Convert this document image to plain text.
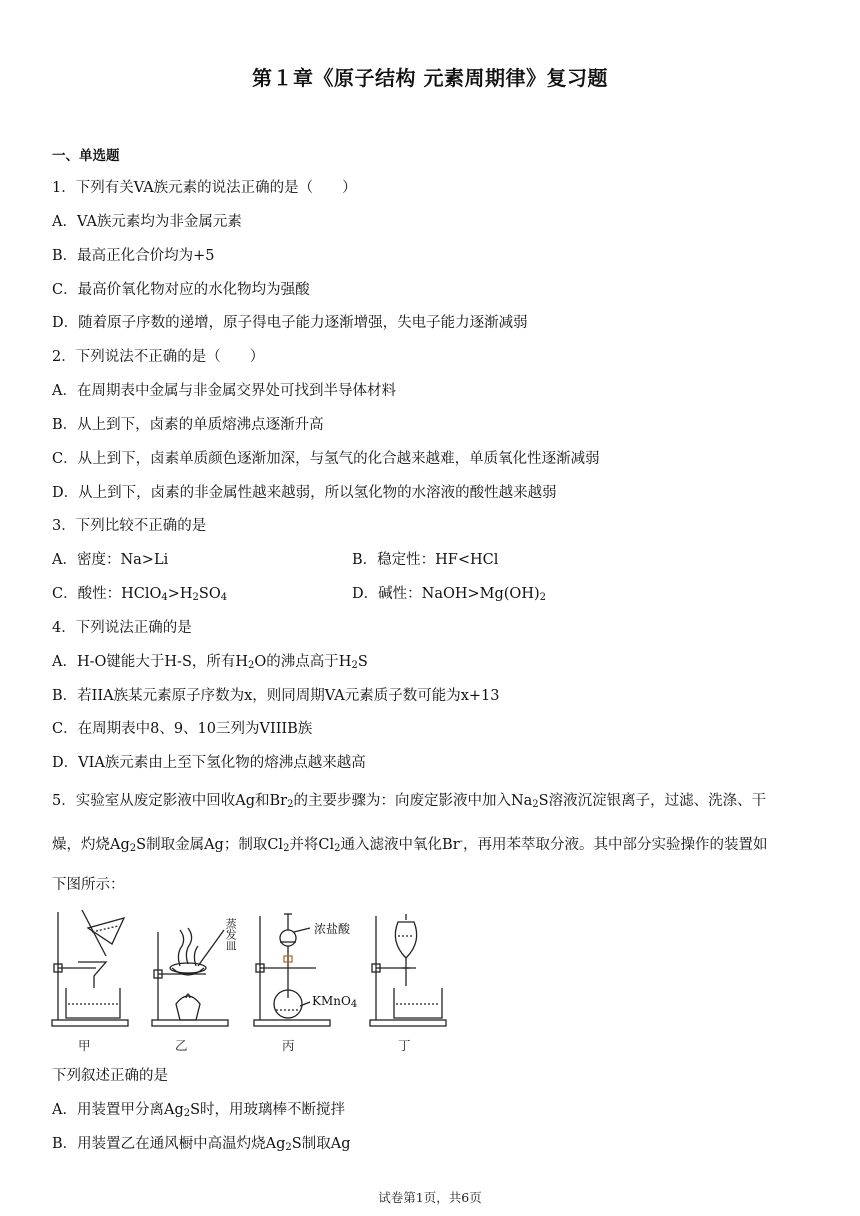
第１章《原子结构 元素周期律》复习题
一、单选题
1．下列有关VA族元素的说法正确的是（　　）
A．VA族元素均为非金属元素
B．最高正化合价均为+5
C．最高价氧化物对应的水化物均为强酸
D．随着原子序数的递增，原子得电子能力逐渐增强，失电子能力逐渐减弱
2．下列说法不正确的是（　　）
A．在周期表中金属与非金属交界处可找到半导体材料
B．从上到下，卤素的单质熔沸点逐渐升高
C．从上到下，卤素单质颜色逐渐加深，与氢气的化合越来越难，单质氧化性逐渐减弱
D．从上到下，卤素的非金属性越来越弱，所以氢化物的水溶液的酸性越来越弱
3．下列比较不正确的是
A．密度：Na>Li	B．稳定性：HF<HCl
C．酸性：$HClO_4>H_2SO_4$	D．碱性：$NaOH>Mg(OH)_2$
4．下列说法正确的是
A．H-O键能大于H-S，所有$H_2O$的沸点高于$H_2S$
B．若IIA族某元素原子序数为x，则同周期VA元素质子数可能为x+13
C．在周期表中8、9、10三列为VIIIB族
D．VIA族元素由上至下氢化物的熔沸点越来越高
5．实验室从废定影液中回收Ag和$Br_2$的主要步骤为：向废定影液中加入$Na_2S$溶液沉淀银离子，过滤、洗涤、干
燥，灼烧$Ag_2S$制取金属Ag；制取$Cl_2$并将$Cl_2$通入滤液中氧化Br-，再用苯萃取分液。其中部分实验操作的装置如
下图所示：
蒸发皿	浓盐酸
KMnO$_4$
甲	乙	丙	丁
下列叙述正确的是
A．用装置甲分离$Ag_2S$时，用玻璃棒不断搅拌
B．用装置乙在通风橱中高温灼烧$Ag_2S$制取Ag
试卷第1页，共6页
